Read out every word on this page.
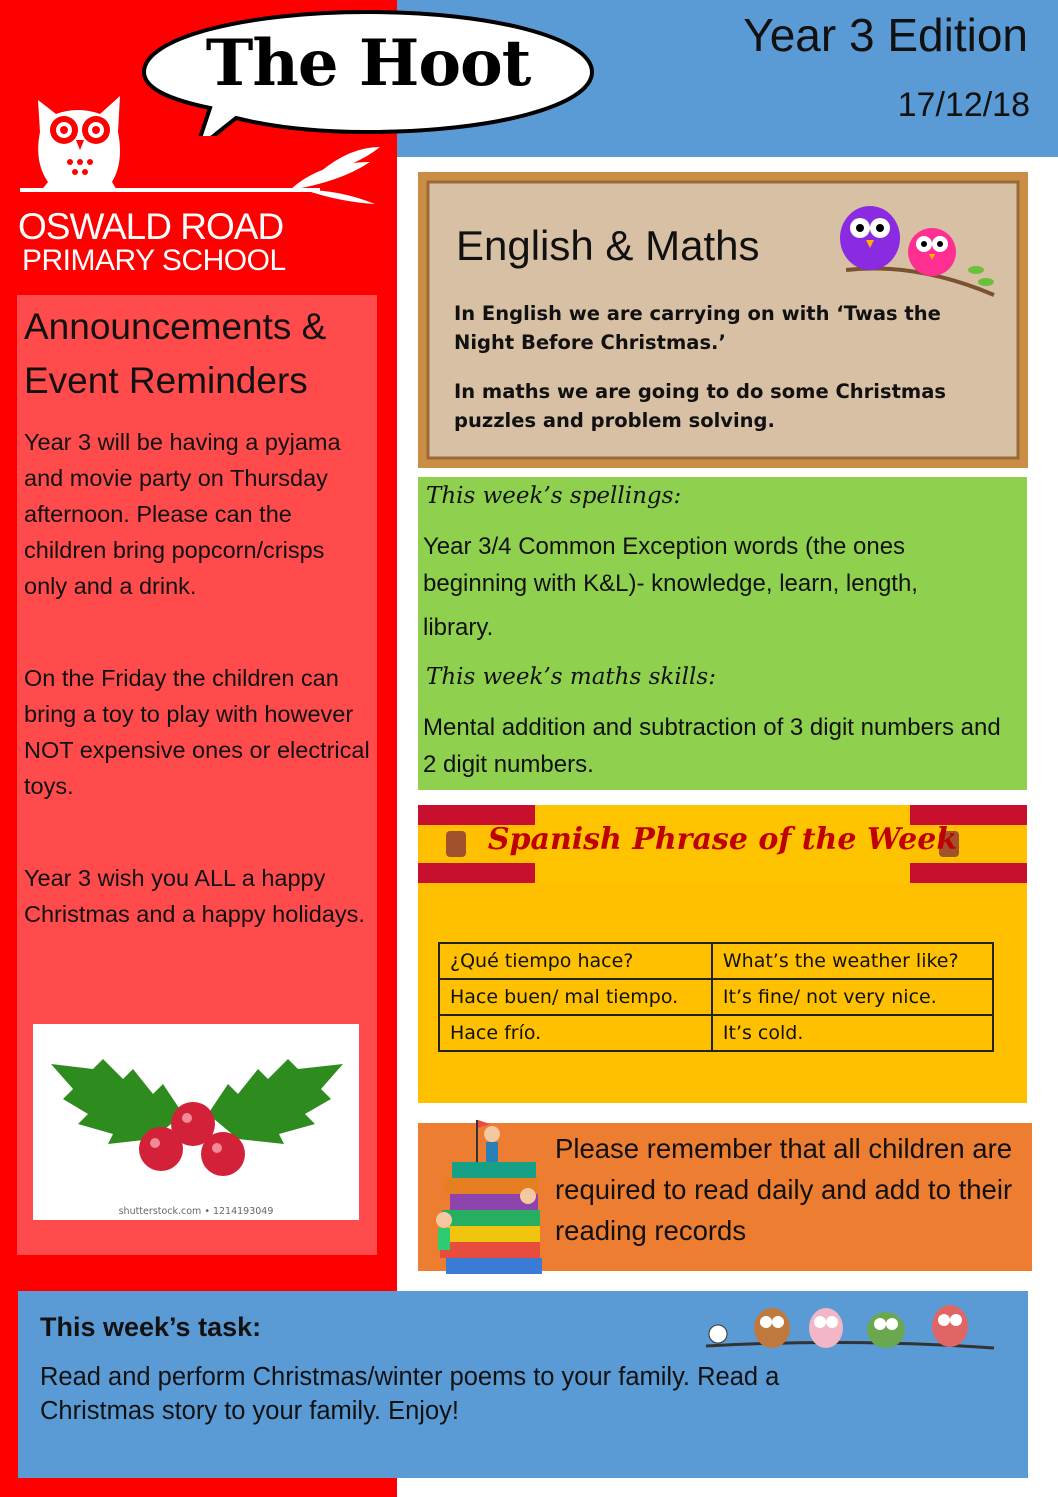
Year 3 Edition
17/12/18
The Hoot
OSWALD ROAD
PRIMARY SCHOOL
Announcements & Event Reminders

Year 3 will be having a pyjama and movie party on Thursday afternoon. Please can the children bring popcorn/crisps only and a drink.

On the Friday the children can bring a toy to play with however NOT expensive ones or electrical toys.

Year 3 wish you ALL a happy Christmas and a happy holidays.

shutterstock.com • 1214193049
English & Maths

In English we are carrying on with ‘Twas the Night Before Christmas.’

In maths we are going to do some Christmas puzzles and problem solving.

This week’s spellings:

Year 3/4 Common Exception words (the ones beginning with K&L)- knowledge, learn, length,

library.

This week’s maths skills:

Mental addition and subtraction of 3 digit numbers and 2 digit numbers.

Spanish Phrase of the Week
¿Qué tiempo hace?	What’s the weather like?
Hace buen/ mal tiempo.	It’s fine/ not very nice.
Hace frío.	It’s cold.
Please remember that all children are required to read daily and add to their reading records
This week’s task:
Read and perform Christmas/winter poems to your family. Read a Christmas story to your family. Enjoy!
